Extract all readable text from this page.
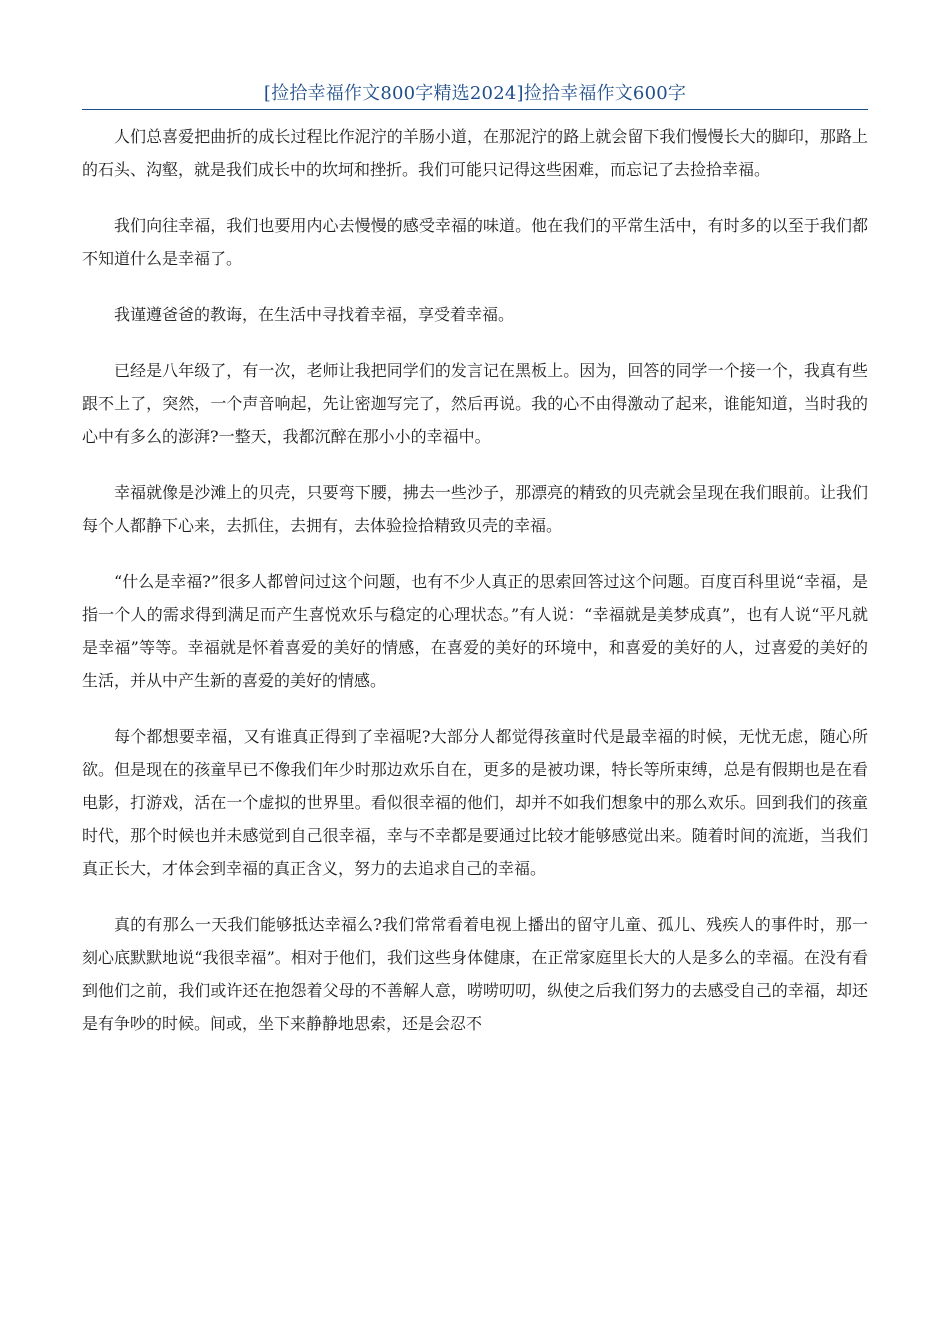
[捡拾幸福作文800字精选2024]捡拾幸福作文600字

人们总喜爱把曲折的成长过程比作泥泞的羊肠小道，在那泥泞的路上就会留下我们慢慢长大的脚印，那路上的石头、沟壑，就是我们成长中的坎坷和挫折。我们可能只记得这些困难，而忘记了去捡拾幸福。

我们向往幸福，我们也要用内心去慢慢的感受幸福的味道。他在我们的平常生活中，有时多的以至于我们都不知道什么是幸福了。

我谨遵爸爸的教诲，在生活中寻找着幸福，享受着幸福。

已经是八年级了，有一次，老师让我把同学们的发言记在黑板上。因为，回答的同学一个接一个，我真有些跟不上了，突然，一个声音响起，先让密迦写完了，然后再说。我的心不由得激动了起来，谁能知道，当时我的心中有多么的澎湃?一整天，我都沉醉在那小小的幸福中。

幸福就像是沙滩上的贝壳，只要弯下腰，拂去一些沙子，那漂亮的精致的贝壳就会呈现在我们眼前。让我们每个人都静下心来，去抓住，去拥有，去体验捡拾精致贝壳的幸福。

“什么是幸福?”很多人都曾问过这个问题，也有不少人真正的思索回答过这个问题。百度百科里说“幸福，是指一个人的需求得到满足而产生喜悦欢乐与稳定的心理状态。”有人说：“幸福就是美梦成真”，也有人说“平凡就是幸福”等等。幸福就是怀着喜爱的美好的情感，在喜爱的美好的环境中，和喜爱的美好的人，过喜爱的美好的生活，并从中产生新的喜爱的美好的情感。

每个都想要幸福，又有谁真正得到了幸福呢?大部分人都觉得孩童时代是最幸福的时候，无忧无虑，随心所欲。但是现在的孩童早已不像我们年少时那边欢乐自在，更多的是被功课，特长等所束缚，总是有假期也是在看电影，打游戏，活在一个虚拟的世界里。看似很幸福的他们，却并不如我们想象中的那么欢乐。回到我们的孩童时代，那个时候也并未感觉到自己很幸福，幸与不幸都是要通过比较才能够感觉出来。随着时间的流逝，当我们真正长大，才体会到幸福的真正含义，努力的去追求自己的幸福。

真的有那么一天我们能够抵达幸福么?我们常常看着电视上播出的留守儿童、孤儿、残疾人的事件时，那一刻心底默默地说“我很幸福”。相对于他们，我们这些身体健康，在正常家庭里长大的人是多么的幸福。在没有看到他们之前，我们或许还在抱怨着父母的不善解人意，唠唠叨叨，纵使之后我们努力的去感受自己的幸福，却还是有争吵的时候。间或，坐下来静静地思索，还是会忍不
